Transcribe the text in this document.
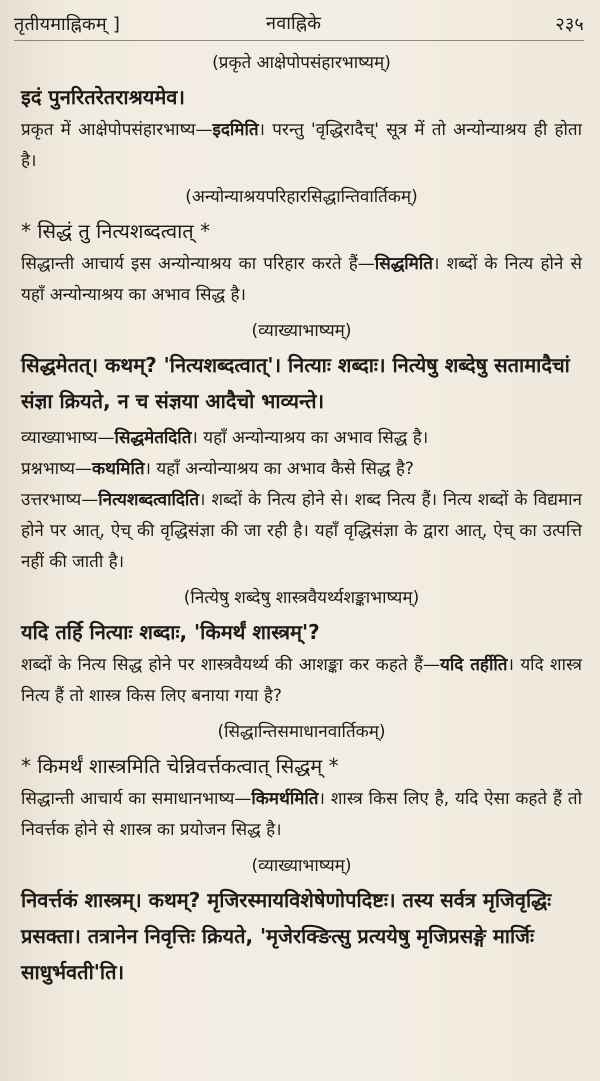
तृतीयमाह्निकम् ]	नवाह्निके	२३५

(प्रकृते आक्षेपोपसंहारभाष्यम्)

इदं पुनरितरेतराश्रयमेव।

प्रकृत में आक्षेपोपसंहारभाष्य—इदमिति। परन्तु 'वृद्धिरादैच्' सूत्र में तो अन्योन्याश्रय ही होता है।

(अन्योन्याश्रयपरिहारसिद्धान्तिवार्तिकम्)

* सिद्धं तु नित्यशब्दत्वात् *

सिद्धान्ती आचार्य इस अन्योन्याश्रय का परिहार करते हैं—सिद्धमिति। शब्दों के नित्य होने से यहाँ अन्योन्याश्रय का अभाव सिद्ध है।

(व्याख्याभाष्यम्)

सिद्धमेतत्। कथम्? 'नित्यशब्दत्वात्'। नित्याः शब्दाः। नित्येषु शब्देषु सतामादैचां संज्ञा क्रियते, न च संज्ञया आदैचो भाव्यन्ते।

व्याख्याभाष्य—सिद्धमेतदिति। यहाँ अन्योन्याश्रय का अभाव सिद्ध है।

प्रश्नभाष्य—कथमिति। यहाँ अन्योन्याश्रय का अभाव कैसे सिद्ध है?

उत्तरभाष्य—नित्यशब्दत्वादिति। शब्दों के नित्य होने से। शब्द नित्य हैं। नित्य शब्दों के विद्यमान होने पर आत्, ऐच् की वृद्धिसंज्ञा की जा रही है। यहाँ वृद्धिसंज्ञा के द्वारा आत्, ऐच् का उत्पत्ति नहीं की जाती है।

(नित्येषु शब्देषु शास्त्रवैयर्थ्यशङ्काभाष्यम्)

यदि तर्हि नित्याः शब्दाः, 'किमर्थं शास्त्रम्'?

शब्दों के नित्य सिद्ध होने पर शास्त्रवैयर्थ्य की आशङ्का कर कहते हैं—यदि तर्हीति। यदि शास्त्र नित्य हैं तो शास्त्र किस लिए बनाया गया है?

(सिद्धान्तिसमाधानवार्तिकम्)

* किमर्थं शास्त्रमिति चेन्निवर्त्तकत्वात् सिद्धम् *

सिद्धान्ती आचार्य का समाधानभाष्य—किमर्थमिति। शास्त्र किस लिए है, यदि ऐसा कहते हैं तो निवर्त्तक होने से शास्त्र का प्रयोजन सिद्ध है।

(व्याख्याभाष्यम्)

निवर्त्तकं शास्त्रम्। कथम्? मृजिरस्मायविशेषेणोपदिष्टः। तस्य सर्वत्र मृजिवृद्धिः प्रसक्ता। तत्रानेन निवृत्तिः क्रियते, 'मृजेरक्ङित्सु प्रत्ययेषु मृजिप्रसङ्गे मार्जिः साधुर्भवती'ति।
